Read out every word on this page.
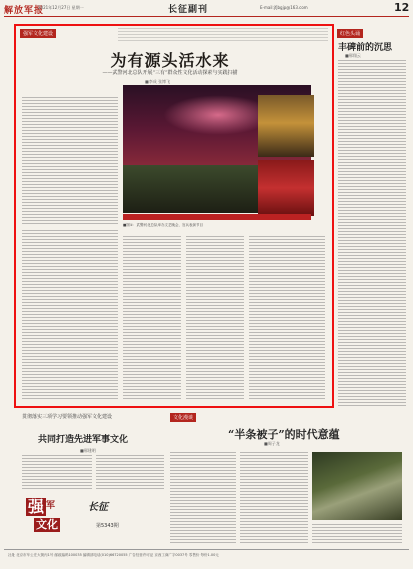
解放军报
2021年12月27日 星期一	长征副刊	E-mail:jfjbgjp@163.com	12
强军文化建设
为有源头活水来
——武警河北总队开展“三有”群众性文化活动探索与实践扫描
■李成 张博飞
■图①：武警河北总队举办文艺晚会，官兵表演节目
红色头诵
丰碑前的沉思
■邢翔云
贯彻落实三项学习要领推动强军文化建设
共同打造先进军事文化
■邢建明
强 军
文化
长征
第5343期
文化漫谈
“半条被子”的时代意蕴
■周子龙
社址 北京市车公庄大街丙1号 邮政编码100035 编辑部电话(010)66720055 广告经营许可证 京西工商广字0037号 零售价 每份1.00元
